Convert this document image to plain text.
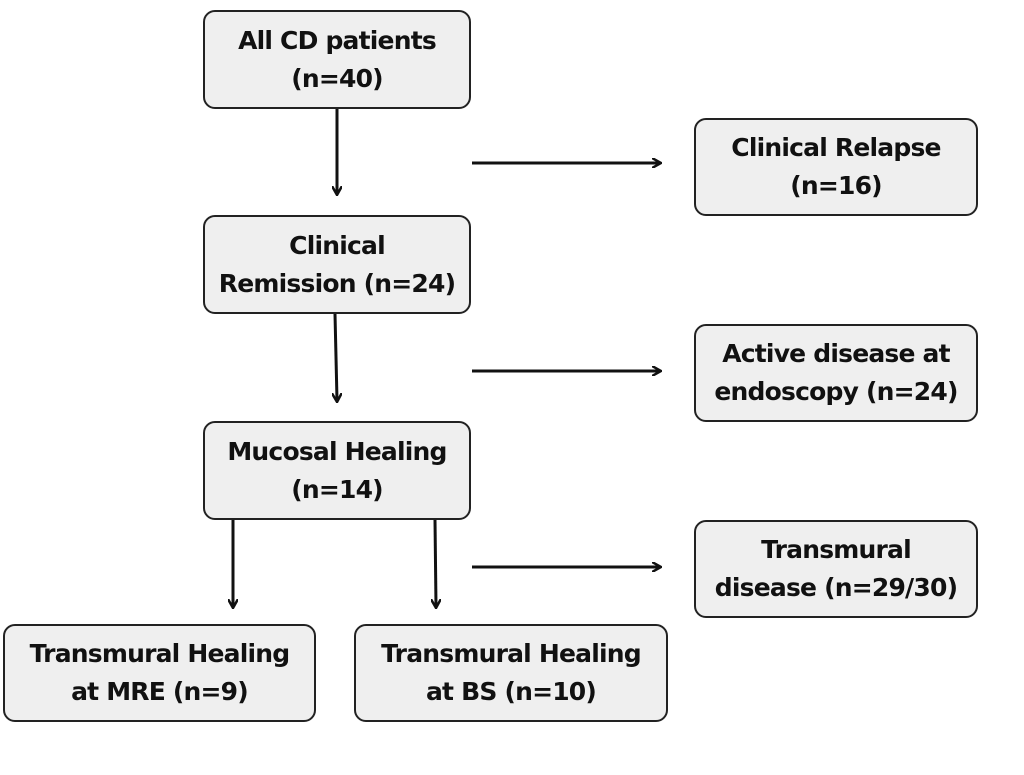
All CD patients
(n=40)
Clinical
Remission (n=24)
Mucosal Healing
(n=14)
Clinical Relapse
(n=16)
Active disease at
endoscopy (n=24)
Transmural
disease (n=29/30)
Transmural Healing
at MRE (n=9)
Transmural Healing
at BS (n=10)
